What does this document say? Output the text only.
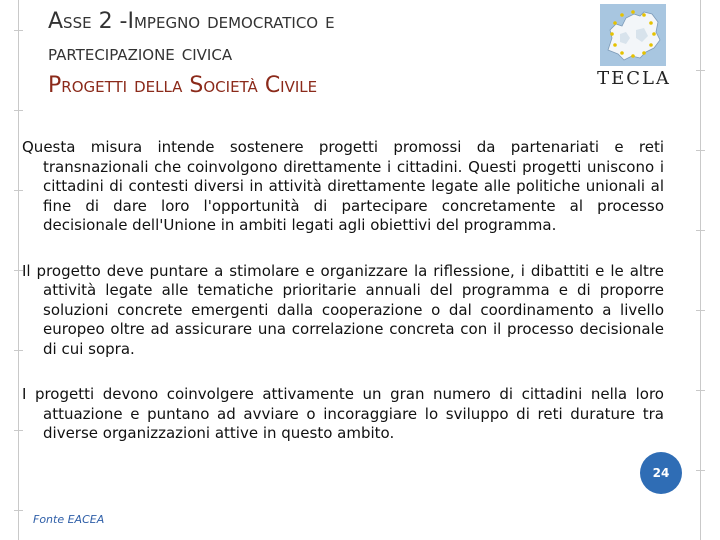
Asse 2 -Impegno democratico e
partecipazione civica
Progetti della Società Civile	TECLA

Questa misura intende sostenere progetti promossi da partenariati e reti transnazionali che coinvolgono direttamente i cittadini. Questi progetti uniscono i cittadini di contesti diversi in attività direttamente legate alle politiche unionali al fine di dare loro l'opportunità di partecipare concretamente al processo decisionale dell'Unione in ambiti legati agli obiettivi del programma.

Il progetto deve puntare a stimolare e organizzare la riflessione, i dibattiti e le altre attività legate alle tematiche prioritarie annuali del programma e di proporre soluzioni concrete emergenti dalla cooperazione o dal coordinamento a livello europeo oltre ad assicurare una correlazione concreta con il processo decisionale di cui sopra.

I progetti devono coinvolgere attivamente un gran numero di cittadini nella loro attuazione e puntano ad avviare o incoraggiare lo sviluppo di reti durature tra diverse organizzazioni attive in questo ambito.

24
Fonte EACEA
